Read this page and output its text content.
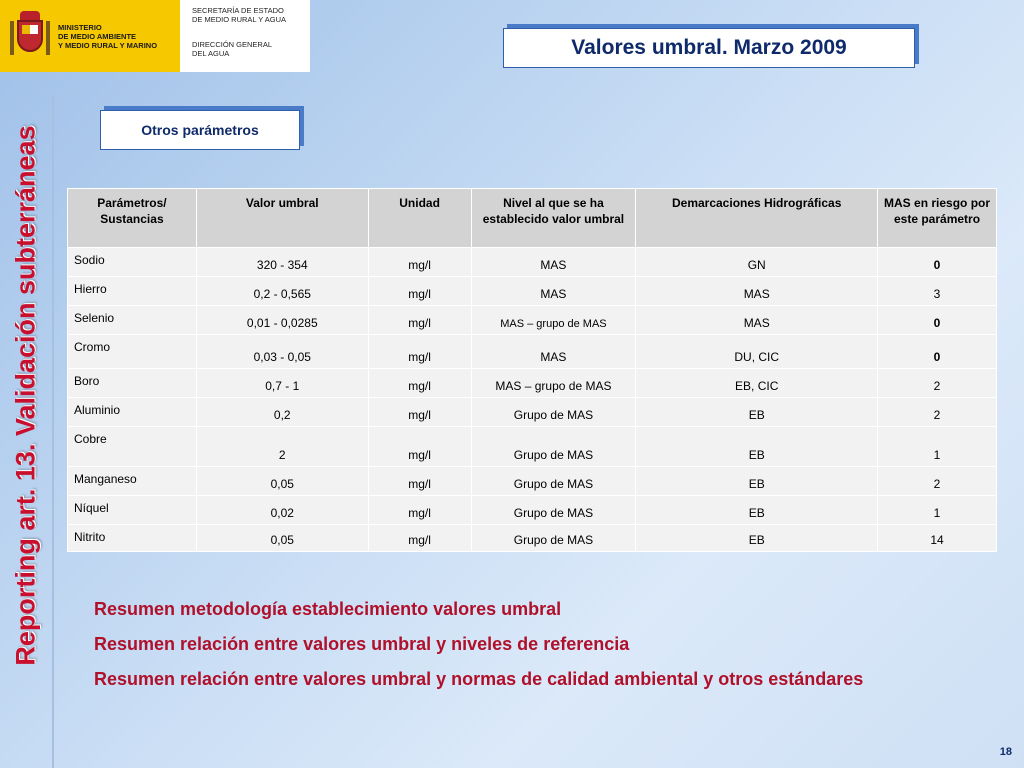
MINISTERIO
DE MEDIO AMBIENTE
Y MEDIO RURAL Y MARINO
SECRETARÍA DE ESTADO
DE MEDIO RURAL Y AGUA
DIRECCIÓN GENERAL
DEL AGUA
Reporting art. 13. Validación subterráneas
Valores umbral. Marzo 2009
Otros parámetros
Parámetros/ Sustancias	Valor umbral	Unidad	Nivel al que se ha establecido valor umbral	Demarcaciones Hidrográficas	MAS en riesgo por este parámetro
Sodio	320 - 354	mg/l	MAS	GN	0
Hierro	0,2 - 0,565	mg/l	MAS	MAS	3
Selenio	0,01 - 0,0285	mg/l	MAS – grupo de MAS	MAS	0
Cromo	0,03 - 0,05	mg/l	MAS	DU, CIC	0
Boro	0,7 - 1	mg/l	MAS – grupo de MAS	EB, CIC	2
Aluminio	0,2	mg/l	Grupo de MAS	EB	2
Cobre	2	mg/l	Grupo de MAS	EB	1
Manganeso	0,05	mg/l	Grupo de MAS	EB	2
Níquel	0,02	mg/l	Grupo de MAS	EB	1
Nitrito	0,05	mg/l	Grupo de MAS	EB	14
Resumen metodología establecimiento valores umbral
Resumen relación entre valores umbral y niveles de referencia
Resumen relación entre valores umbral y normas de calidad ambiental y otros estándares
18
